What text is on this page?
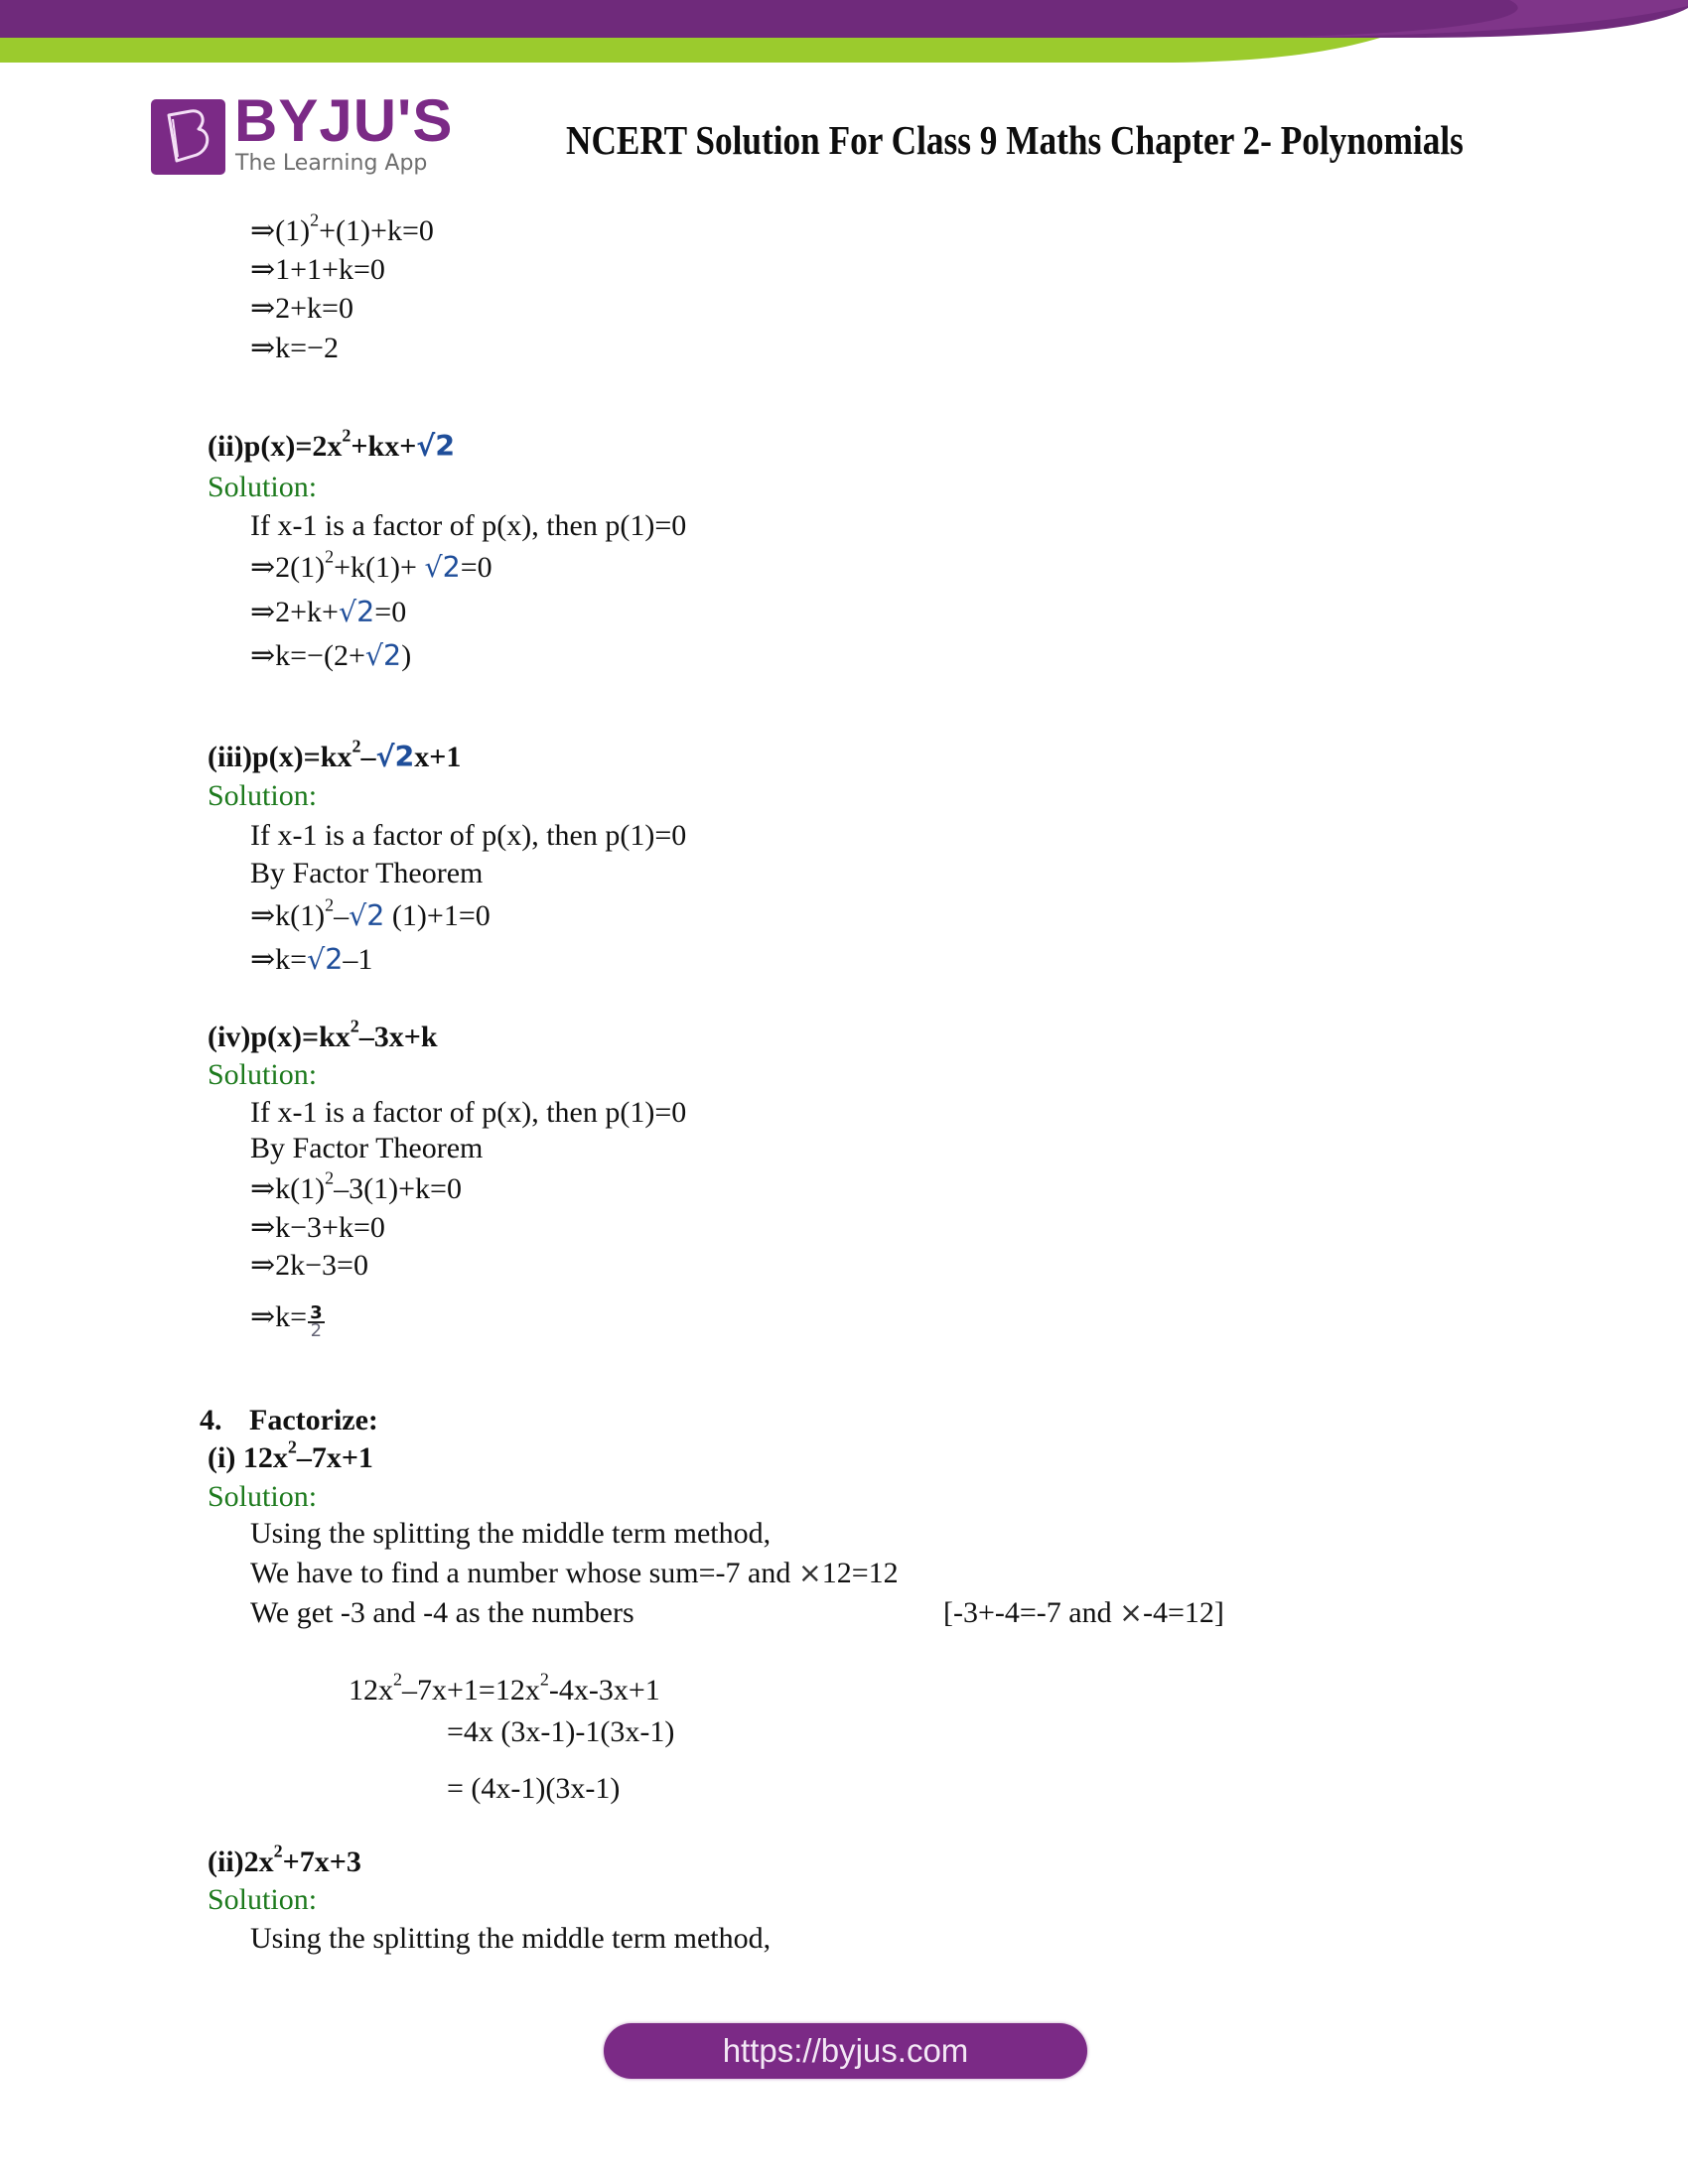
BYJU'S
The Learning App
NCERT Solution For Class 9 Maths Chapter 2- Polynomials
$\Rightarrow(1)^2+(1)+k=0$
⇒1+1+k=0
⇒2+k=0
⇒k=−2
$(ii)p(x)=2x^2+kx+√2$
Solution:
If x-1 is a factor of p(x), then p(1)=0
$\Rightarrow 2(1)^2+k(1)+ √2=0$
⇒2+k+√2=0
⇒k=−(2+√2)
$(iii)p(x)=kx^2-√2x+1$
Solution:
If x-1 is a factor of p(x), then p(1)=0
By Factor Theorem
$\Rightarrow k(1)^2-√2$ (1)+1=0
⇒k=√2–1
$(iv)p(x)=kx^2-3x+k$
Solution:
If x-1 is a factor of p(x), then p(1)=0
By Factor Theorem
$\Rightarrow k(1)^2-3(1)+k=0$
⇒k−3+k=0
⇒2k−3=0
⇒k= $\frac{3}{2}$
4. Factorize:
(i) $12x^2-7x+1$
Solution:
Using the splitting the middle term method,
We have to find a number whose sum=-7 and ×12=12
We get -3 and -4 as the numbers	[-3+-4=-7 and ×-4=12]
$12x^2-7x+1=12x^2-4x-3x+1$
=4x (3x-1)-1(3x-1)
= (4x-1)(3x-1)
$(ii)2x^2+7x+3$
Solution:
Using the splitting the middle term method,
https://byjus.com
